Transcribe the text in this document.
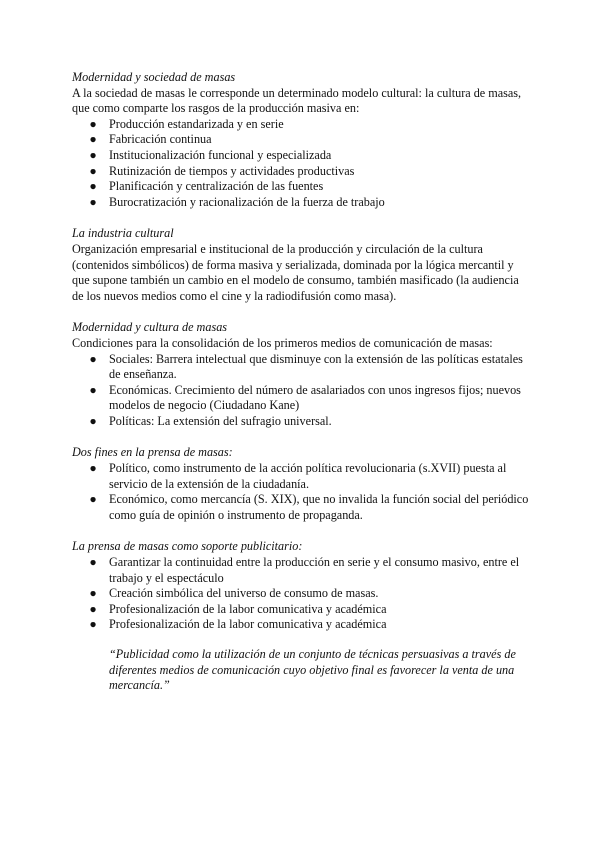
Modernidad y sociedad de masas

A la sociedad de masas le corresponde un determinado modelo cultural: la cultura de masas, que como comparte los rasgos de la producción masiva en:

● Producción estandarizada y en serie
● Fabricación continua
● Institucionalización funcional y especializada
● Rutinización de tiempos y actividades productivas
● Planificación y centralización de las fuentes
● Burocratización y racionalización de la fuerza de trabajo

La industria cultural

Organización empresarial e institucional de la producción y circulación de la cultura (contenidos simbólicos) de forma masiva y serializada, dominada por la lógica mercantil y que supone también un cambio en el modelo de consumo, también masificado (la audiencia de los nuevos medios como el cine y la radiodifusión como masa).

Modernidad y cultura de masas

Condiciones para la consolidación de los primeros medios de comunicación de masas:

● Sociales: Barrera intelectual que disminuye con la extensión de las políticas estatales de enseñanza.
● Económicas. Crecimiento del número de asalariados con unos ingresos fijos; nuevos modelos de negocio (Ciudadano Kane)
● Políticas: La extensión del sufragio universal.

Dos fines en la prensa de masas:

● Político, como instrumento de la acción política revolucionaria (s.XVII) puesta al servicio de la extensión de la ciudadanía.
● Económico, como mercancía (S. XIX), que no invalida la función social del periódico como guía de opinión o instrumento de propaganda.

La prensa de masas como soporte publicitario:

● Garantizar la continuidad entre la producción en serie y el consumo masivo, entre el trabajo y el espectáculo
● Creación simbólica del universo de consumo de masas.
● Profesionalización de la labor comunicativa y académica
● Profesionalización de la labor comunicativa y académica

“Publicidad como la utilización de un conjunto de técnicas persuasivas a través de diferentes medios de comunicación cuyo objetivo final es favorecer la venta de una mercancía.”
